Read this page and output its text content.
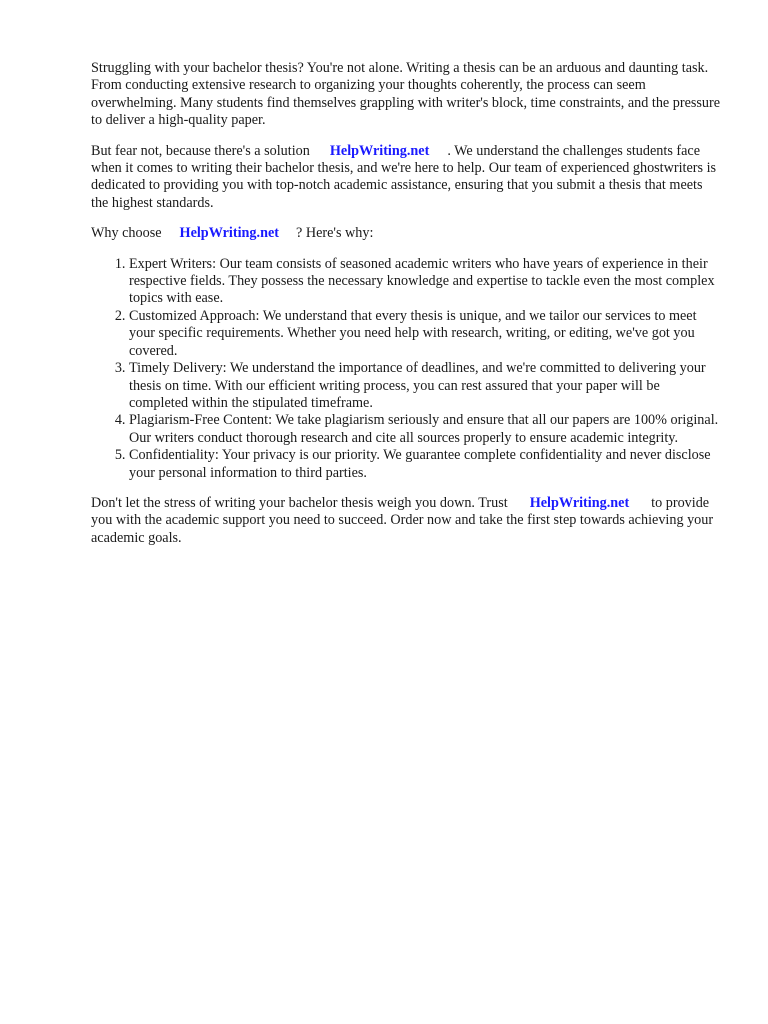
Struggling with your bachelor thesis? You're not alone. Writing a thesis can be an arduous and daunting task. From conducting extensive research to organizing your thoughts coherently, the process can seem overwhelming. Many students find themselves grappling with writer's block, time constraints, and the pressure to deliver a high-quality paper.

But fear not, because there's a solution HelpWriting.net . We understand the challenges students face when it comes to writing their bachelor thesis, and we're here to help. Our team of experienced ghostwriters is dedicated to providing you with top-notch academic assistance, ensuring that you submit a thesis that meets the highest standards.

Why choose HelpWriting.net ? Here's why:

1. Expert Writers: Our team consists of seasoned academic writers who have years of experience in their respective fields. They possess the necessary knowledge and expertise to tackle even the most complex topics with ease.
2. Customized Approach: We understand that every thesis is unique, and we tailor our services to meet your specific requirements. Whether you need help with research, writing, or editing, we've got you covered.
3. Timely Delivery: We understand the importance of deadlines, and we're committed to delivering your thesis on time. With our efficient writing process, you can rest assured that your paper will be completed within the stipulated timeframe.
4. Plagiarism-Free Content: We take plagiarism seriously and ensure that all our papers are 100% original. Our writers conduct thorough research and cite all sources properly to ensure academic integrity.
5. Confidentiality: Your privacy is our priority. We guarantee complete confidentiality and never disclose your personal information to third parties.

Don't let the stress of writing your bachelor thesis weigh you down. Trust HelpWriting.net to provide you with the academic support you need to succeed. Order now and take the first step towards achieving your academic goals.
